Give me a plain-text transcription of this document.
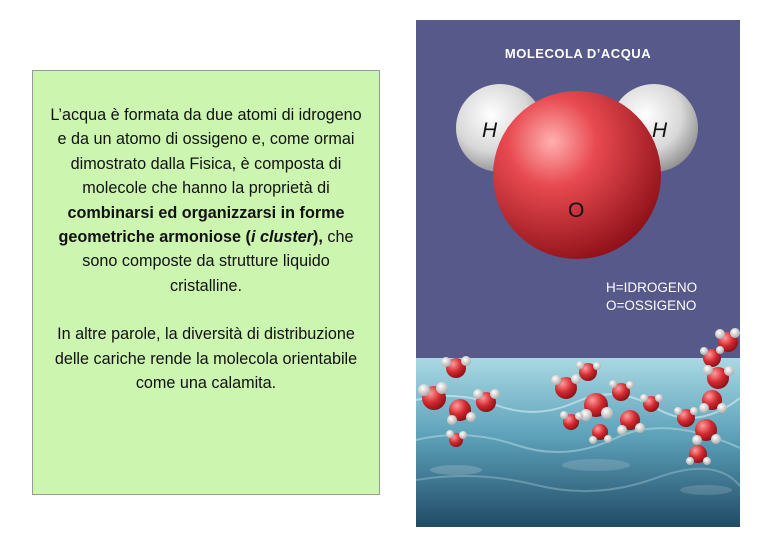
L’acqua è formata da due atomi di idrogeno e da un atomo di ossigeno e, come ormai dimostrato dalla Fisica, è composta di molecole che hanno la proprietà di combinarsi ed organizzarsi in forme geometriche armoniose (i cluster), che sono composte da strutture liquido cristalline.

In altre parole, la diversità di distribuzione delle cariche rende la molecola orientabile come una calamita.

MOLECOLA D’ACQUA
H	H
O
H=IDROGENO
O=OSSIGENO
